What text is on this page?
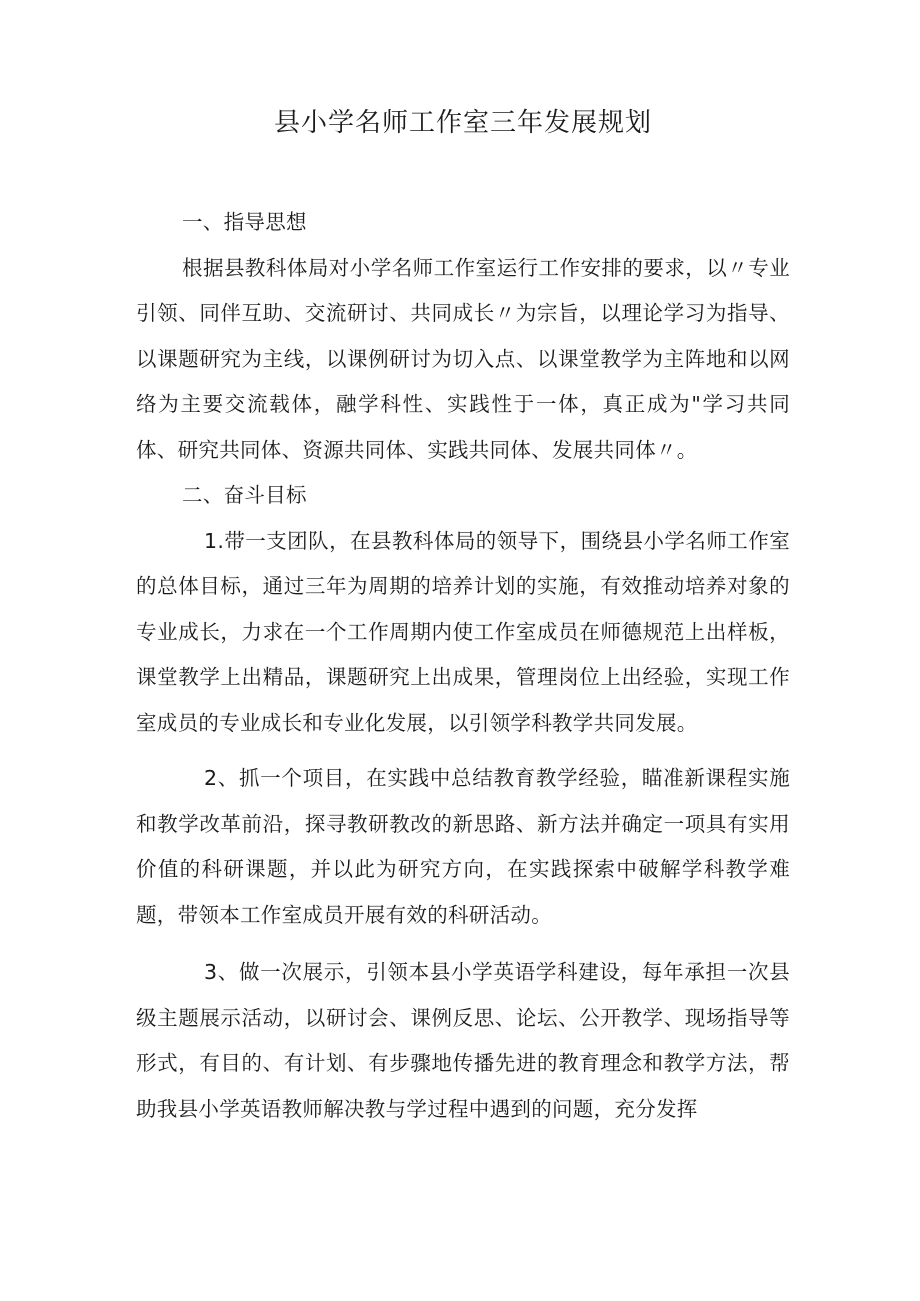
县小学名师工作室三年发展规划
一、指导思想

根据县教科体局对小学名师工作室运行工作安排的要求，以〃专业引领、同伴互助、交流研讨、共同成长〃为宗旨，以理论学习为指导、以课题研究为主线，以课例研讨为切入点、以课堂教学为主阵地和以网络为主要交流载体，融学科性、实践性于一体，真正成为"学习共同体、研究共同体、资源共同体、实践共同体、发展共同体〃。

二、奋斗目标

1.带一支团队，在县教科体局的领导下，围绕县小学名师工作室的总体目标，通过三年为周期的培养计划的实施，有效推动培养对象的专业成长，力求在一个工作周期内使工作室成员在师德规范上出样板，课堂教学上出精品，课题研究上出成果，管理岗位上出经验，实现工作室成员的专业成长和专业化发展，以引领学科教学共同发展。

2、抓一个项目，在实践中总结教育教学经验，瞄准新课程实施和教学改革前沿，探寻教研教改的新思路、新方法并确定一项具有实用价值的科研课题，并以此为研究方向，在实践探索中破解学科教学难题，带领本工作室成员开展有效的科研活动。

3、做一次展示，引领本县小学英语学科建设，每年承担一次县级主题展示活动，以研讨会、课例反思、论坛、公开教学、现场指导等形式，有目的、有计划、有步骤地传播先进的教育理念和教学方法，帮助我县小学英语教师解决教与学过程中遇到的问题，充分发挥
